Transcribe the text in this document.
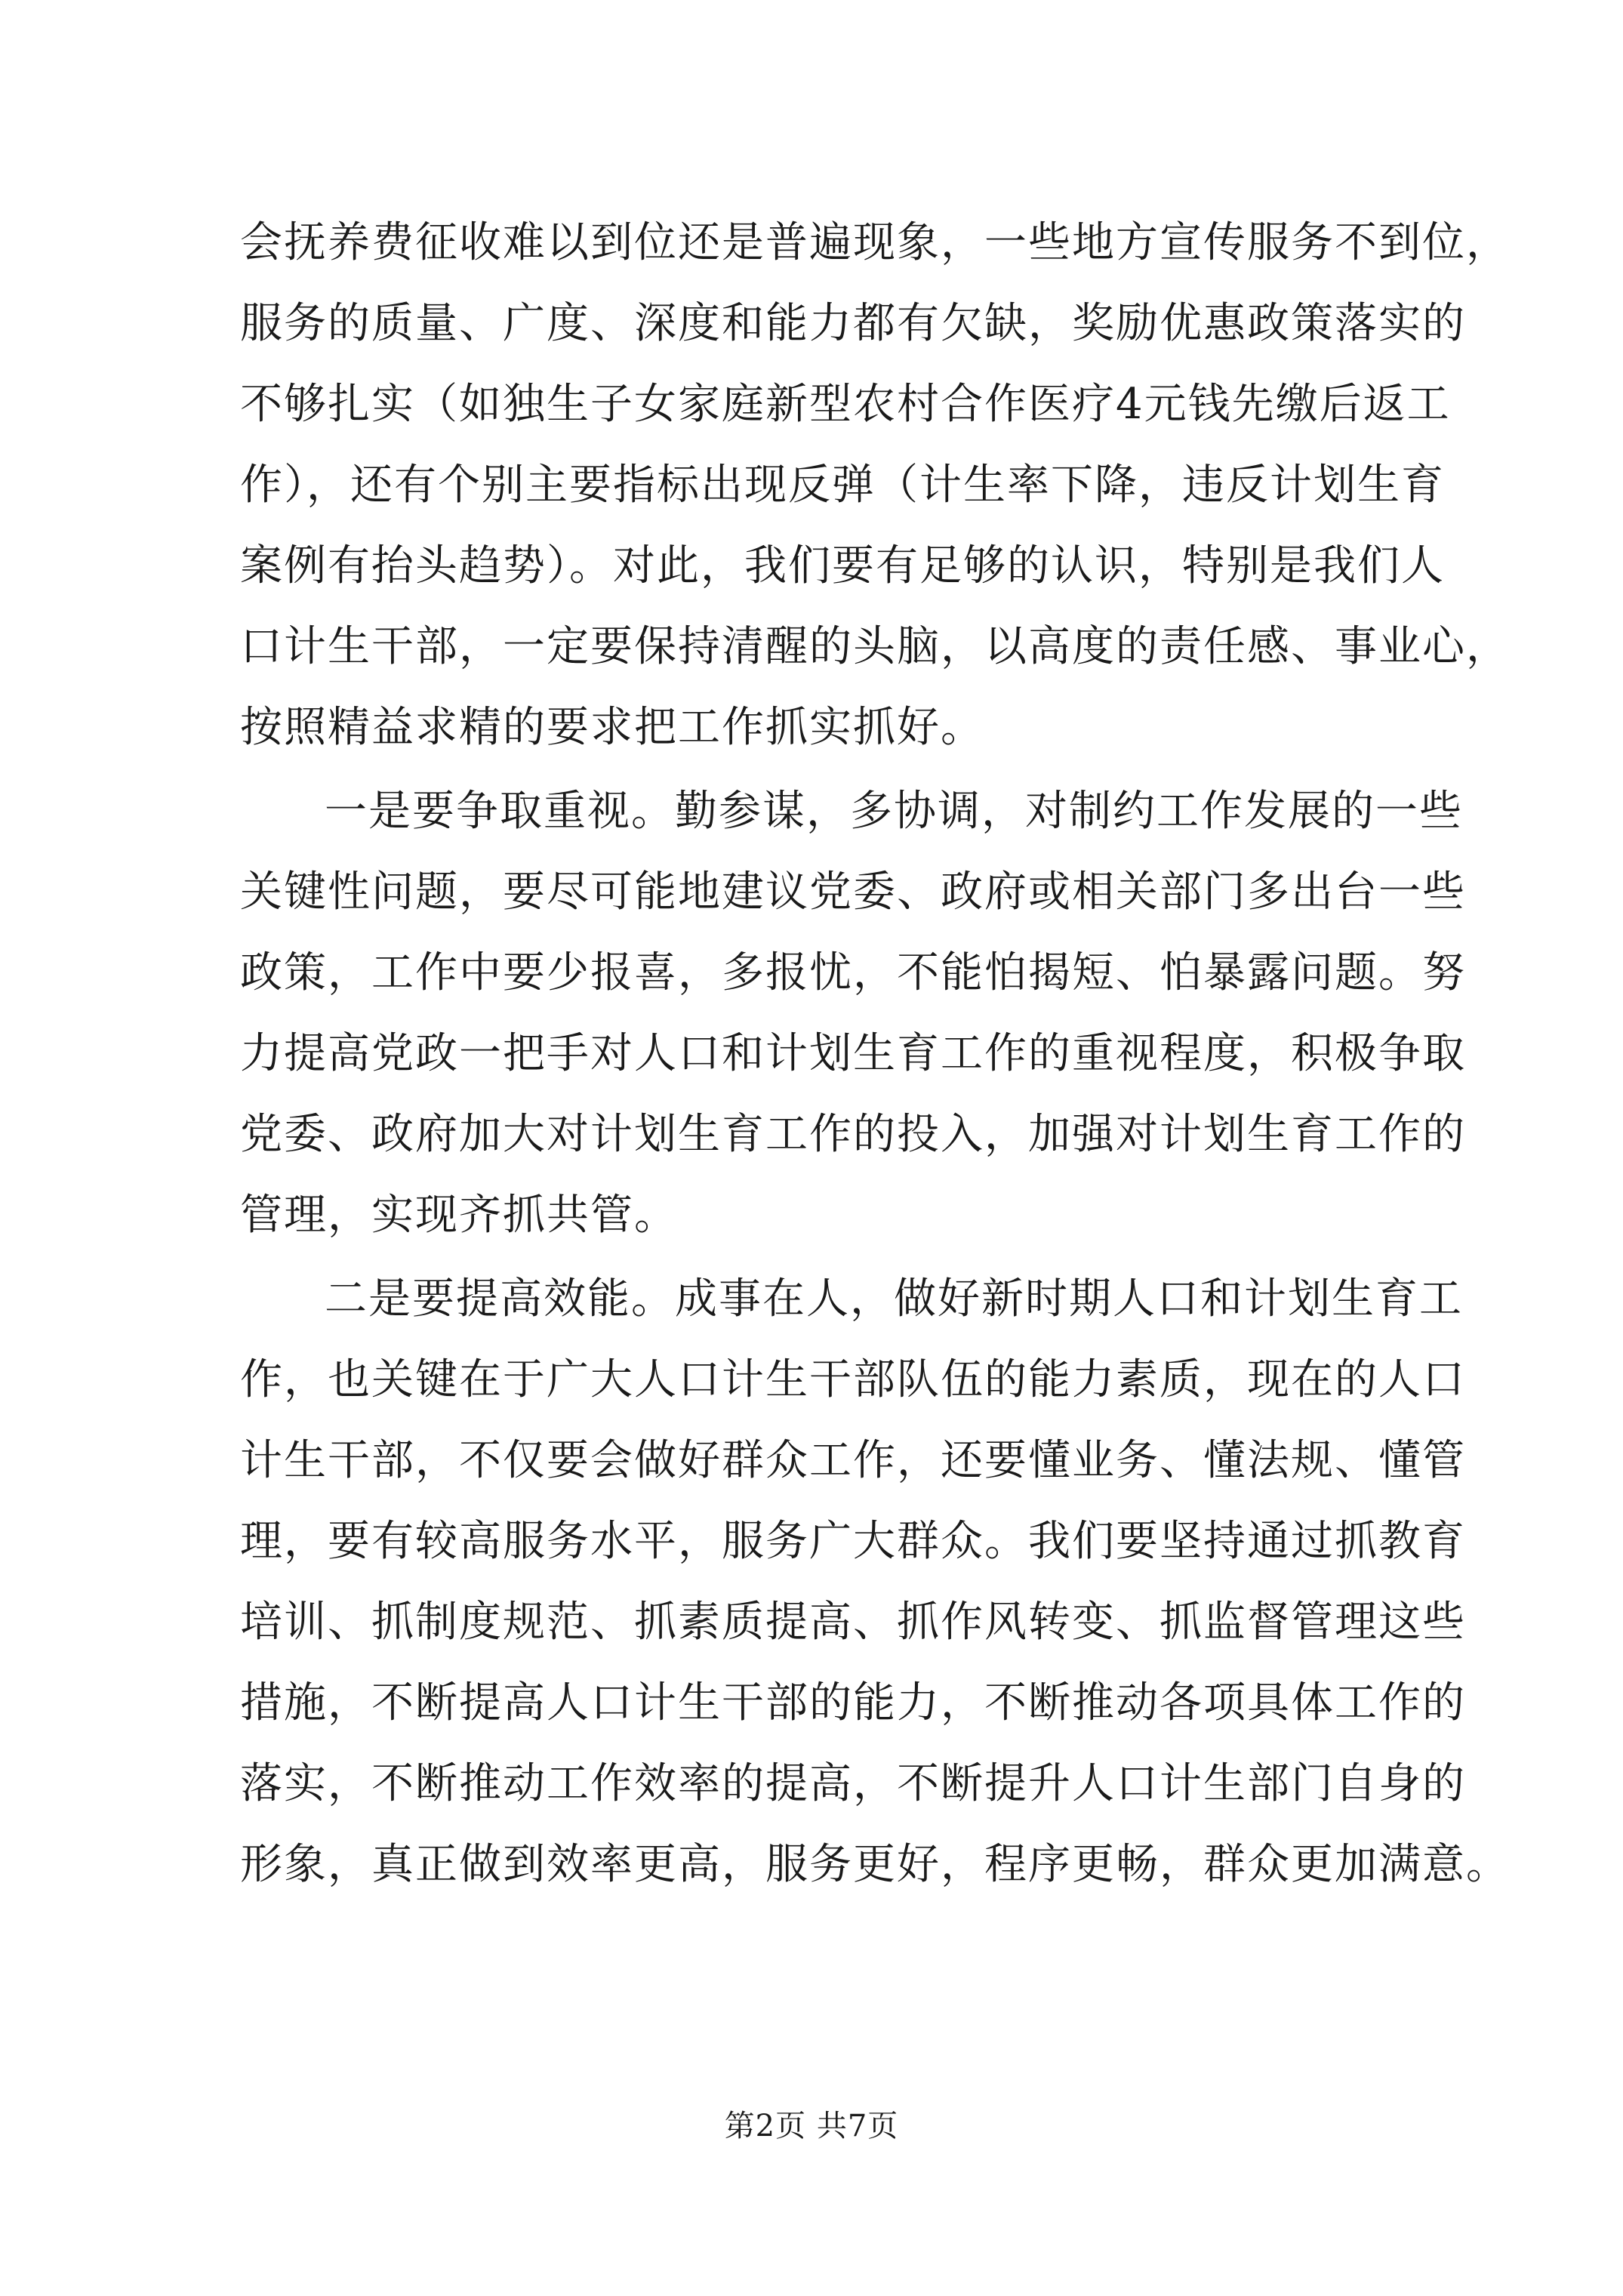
会抚养费征收难以到位还是普遍现象，一些地方宣传服务不到位，
服务的质量、广度、深度和能力都有欠缺，奖励优惠政策落实的
不够扎实（如独生子女家庭新型农村合作医疗4元钱先缴后返工
作），还有个别主要指标出现反弹（计生率下降，违反计划生育
案例有抬头趋势）。对此，我们要有足够的认识，特别是我们人
口计生干部，一定要保持清醒的头脑，以高度的责任感、事业心，
按照精益求精的要求把工作抓实抓好。
一是要争取重视。勤参谋，多协调，对制约工作发展的一些
关键性问题，要尽可能地建议党委、政府或相关部门多出台一些
政策，工作中要少报喜，多报忧，不能怕揭短、怕暴露问题。努
力提高党政一把手对人口和计划生育工作的重视程度，积极争取
党委、政府加大对计划生育工作的投入，加强对计划生育工作的
管理，实现齐抓共管。
二是要提高效能。成事在人，做好新时期人口和计划生育工
作，也关键在于广大人口计生干部队伍的能力素质，现在的人口
计生干部，不仅要会做好群众工作，还要懂业务、懂法规、懂管
理，要有较高服务水平，服务广大群众。我们要坚持通过抓教育
培训、抓制度规范、抓素质提高、抓作风转变、抓监督管理这些
措施，不断提高人口计生干部的能力，不断推动各项具体工作的
落实，不断推动工作效率的提高，不断提升人口计生部门自身的
形象，真正做到效率更高，服务更好，程序更畅，群众更加满意。
第2页 共7页
